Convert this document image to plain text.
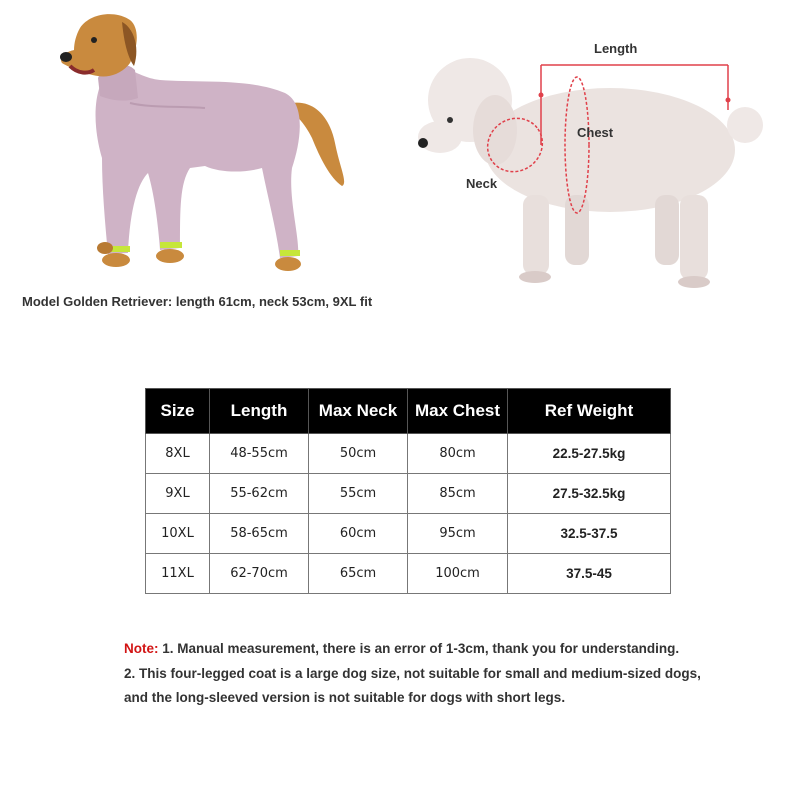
Model Golden Retriever: length 61cm, neck 53cm, 9XL fit
Length
Chest
Neck
Size	Length	Max Neck	Max Chest	Ref Weight
8XL	48-55cm	50cm	80cm	22.5-27.5kg
9XL	55-62cm	55cm	85cm	27.5-32.5kg
10XL	58-65cm	60cm	95cm	32.5-37.5
11XL	62-70cm	65cm	100cm	37.5-45

Note: 1. Manual measurement, there is an error of 1-3cm, thank you for understanding.

2. This four-legged coat is a large dog size, not suitable for small and medium-sized dogs,

and the long-sleeved version is not suitable for dogs with short legs.
